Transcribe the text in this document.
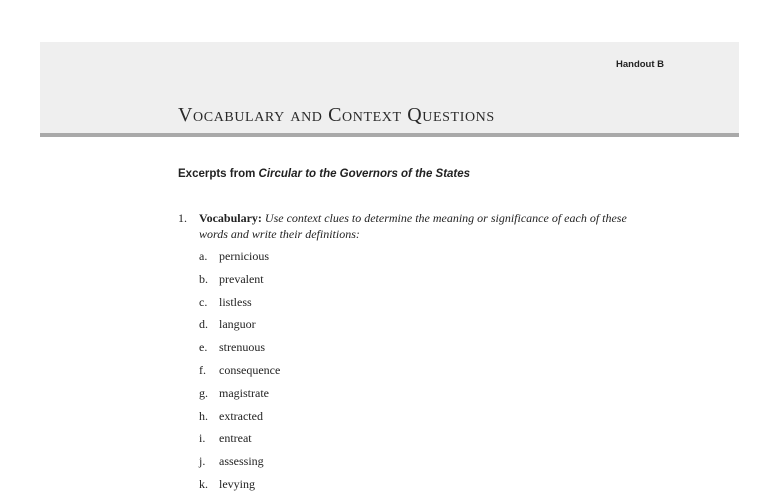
Handout B
Vocabulary and Context Questions
Excerpts from Circular to the Governors of the States
1. Vocabulary: Use context clues to determine the meaning or significance of each of these words and write their definitions:
a. pernicious
b. prevalent
c. listless
d. languor
e. strenuous
f.	consequence
g. magistrate
h. extracted
i.	entreat
j.	assessing
k. levying
